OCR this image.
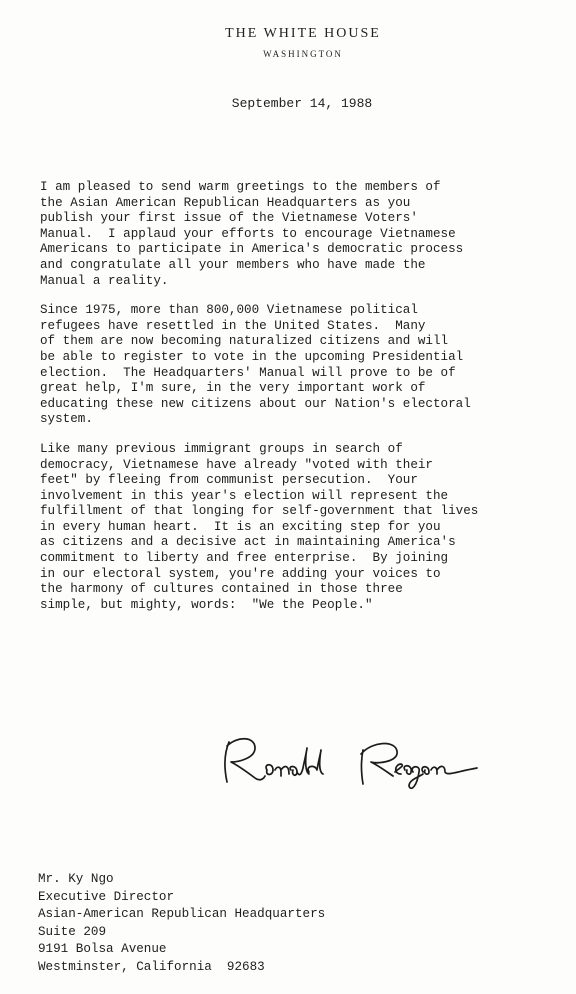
THE WHITE HOUSE
WASHINGTON
September 14, 1988

I am pleased to send warm greetings to the members of
the Asian American Republican Headquarters as you
publish your first issue of the Vietnamese Voters'
Manual.  I applaud your efforts to encourage Vietnamese
Americans to participate in America's democratic process
and congratulate all your members who have made the
Manual a reality.

Since 1975, more than 800,000 Vietnamese political
refugees have resettled in the United States.  Many
of them are now becoming naturalized citizens and will
be able to register to vote in the upcoming Presidential
election.  The Headquarters' Manual will prove to be of
great help, I'm sure, in the very important work of
educating these new citizens about our Nation's electoral
system.

Like many previous immigrant groups in search of
democracy, Vietnamese have already "voted with their
feet" by fleeing from communist persecution.  Your
involvement in this year's election will represent the
fulfillment of that longing for self-government that lives
in every human heart.  It is an exciting step for you
as citizens and a decisive act in maintaining America's
commitment to liberty and free enterprise.  By joining
in our electoral system, you're adding your voices to
the harmony of cultures contained in those three
simple, but mighty, words:  "We the People."

Mr. Ky Ngo
Executive Director
Asian-American Republican Headquarters
Suite 209
9191 Bolsa Avenue
Westminster, California  92683
